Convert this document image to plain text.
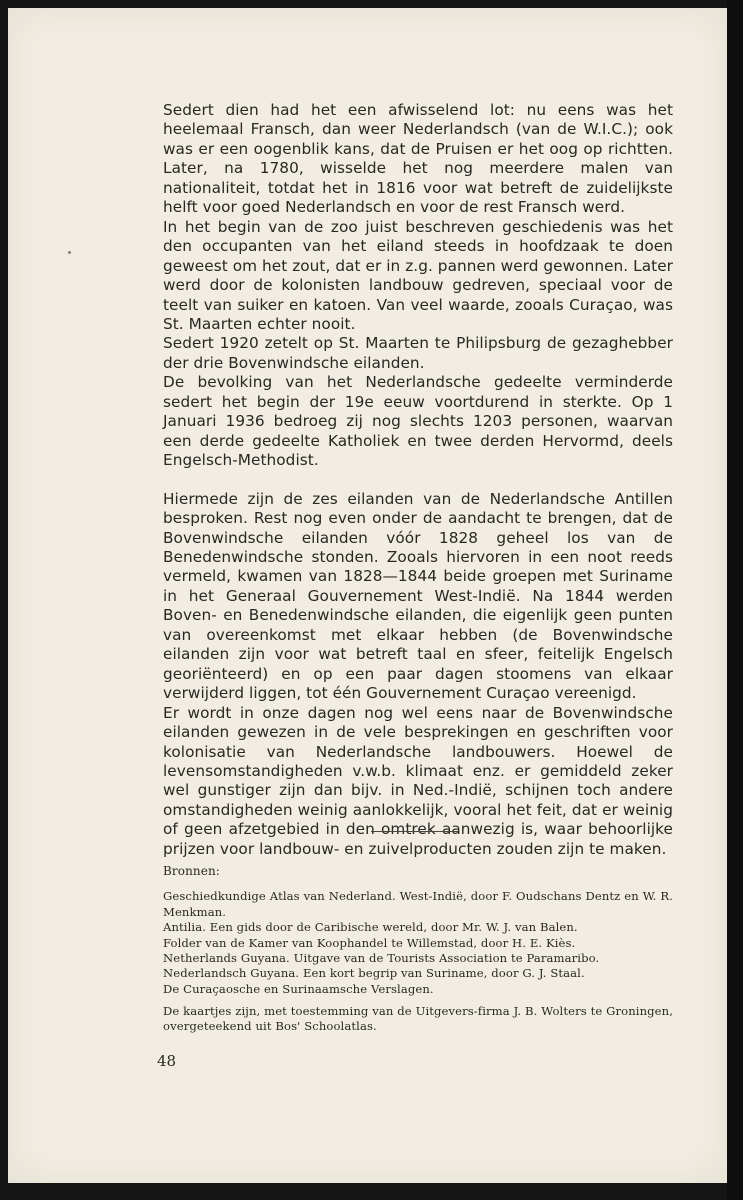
Sedert dien had het een afwisselend lot: nu eens was het heelemaal Fransch, dan weer Nederlandsch (van de W.I.C.); ook was er een oogenblik kans, dat de Pruisen er het oog op richtten. Later, na 1780, wisselde het nog meerdere malen van nationaliteit, totdat het in 1816 voor wat betreft de zuidelijkste helft voor goed Nederlandsch en voor de rest Fransch werd.

In het begin van de zoo juist beschreven geschiedenis was het den occupanten van het eiland steeds in hoofdzaak te doen geweest om het zout, dat er in z.g. pannen werd gewonnen. Later werd door de kolonisten landbouw gedreven, speciaal voor de teelt van suiker en katoen. Van veel waarde, zooals Curaçao, was St. Maarten echter nooit.

Sedert 1920 zetelt op St. Maarten te Philipsburg de gezaghebber der drie Bovenwindsche eilanden.

De bevolking van het Nederlandsche gedeelte verminderde sedert het begin der 19e eeuw voortdurend in sterkte. Op 1 Januari 1936 bedroeg zij nog slechts 1203 personen, waarvan een derde gedeelte Katholiek en twee derden Hervormd, deels Engelsch-Methodist.

Hiermede zijn de zes eilanden van de Nederlandsche Antillen besproken. Rest nog even onder de aandacht te brengen, dat de Bovenwindsche eilanden vóór 1828 geheel los van de Benedenwindsche stonden. Zooals hiervoren in een noot reeds vermeld, kwamen van 1828—1844 beide groepen met Suriname in het Generaal Gouvernement West-Indië. Na 1844 werden Boven- en Benedenwindsche eilanden, die eigenlijk geen punten van overeenkomst met elkaar hebben (de Bovenwindsche eilanden zijn voor wat betreft taal en sfeer, feitelijk Engelsch georiënteerd) en op een paar dagen stoomens van elkaar verwijderd liggen, tot één Gouvernement Curaçao vereenigd.

Er wordt in onze dagen nog wel eens naar de Bovenwindsche eilanden gewezen in de vele besprekingen en geschriften voor kolonisatie van Nederlandsche landbouwers. Hoewel de levensomstandigheden v.w.b. klimaat enz. er gemiddeld zeker wel gunstiger zijn dan bijv. in Ned.-Indië, schijnen toch andere omstandigheden weinig aanlokkelijk, vooral het feit, dat er weinig of geen afzetgebied in den omtrek aanwezig is, waar behoorlijke prijzen voor landbouw- en zuivelproducten zouden zijn te maken.

Bronnen:

Geschiedkundige Atlas van Nederland. West-Indië, door F. Oudschans Dentz en W. R. Menkman.

Antilia. Een gids door de Caribische wereld, door Mr. W. J. van Balen.

Folder van de Kamer van Koophandel te Willemstad, door H. E. Kiès.

Netherlands Guyana. Uitgave van de Tourists Association te Paramaribo.

Nederlandsch Guyana. Een kort begrip van Suriname, door G. J. Staal.

De Curaçaosche en Surinaamsche Verslagen.

De kaartjes zijn, met toestemming van de Uitgevers-firma J. B. Wolters te Groningen, overgeteekend uit Bos' Schoolatlas.

48
